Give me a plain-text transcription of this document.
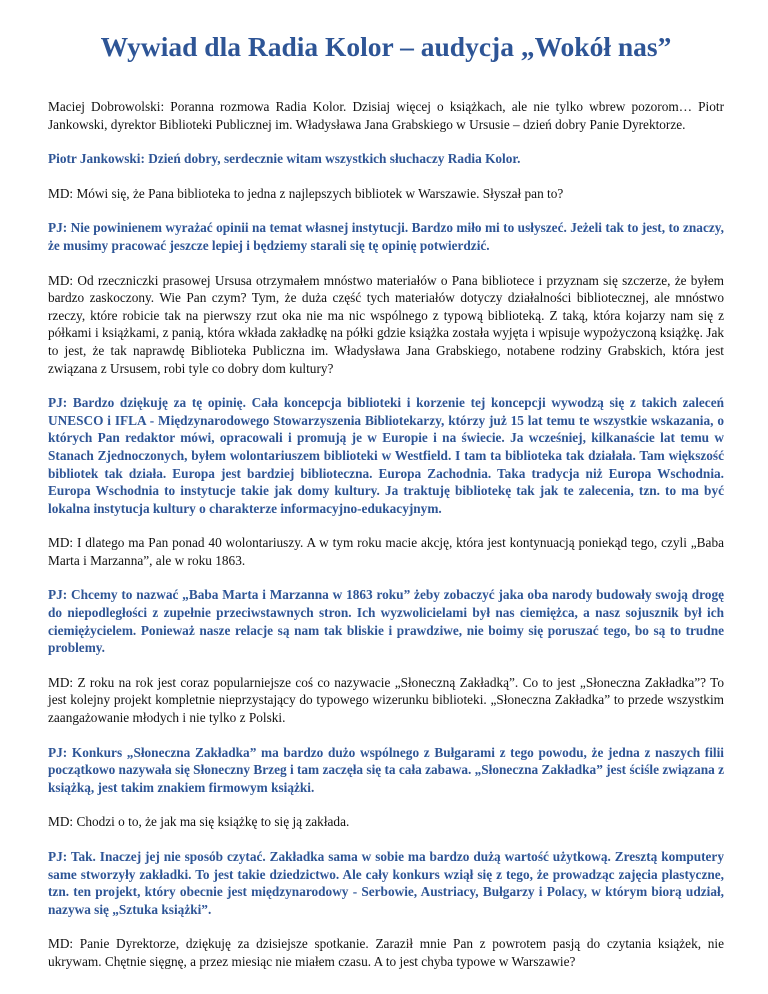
Wywiad dla Radia Kolor – audycja „Wokół nas”

Maciej Dobrowolski: Poranna rozmowa Radia Kolor. Dzisiaj więcej o książkach, ale nie tylko wbrew pozorom… Piotr Jankowski, dyrektor Biblioteki Publicznej im. Władysława Jana Grabskiego w Ursusie – dzień dobry Panie Dyrektorze.

Piotr Jankowski: Dzień dobry, serdecznie witam wszystkich słuchaczy Radia Kolor.

MD: Mówi się, że Pana biblioteka to jedna z najlepszych bibliotek w Warszawie. Słyszał pan to?

PJ: Nie powinienem wyrażać opinii na temat własnej instytucji. Bardzo miło mi to usłyszeć. Jeżeli tak to jest, to znaczy, że musimy pracować jeszcze lepiej i będziemy starali się tę opinię potwierdzić.

MD: Od rzeczniczki prasowej Ursusa otrzymałem mnóstwo materiałów o Pana bibliotece i przyznam się szczerze, że byłem bardzo zaskoczony. Wie Pan czym? Tym, że duża część tych materiałów dotyczy działalności bibliotecznej, ale mnóstwo rzeczy, które robicie tak na pierwszy rzut oka nie ma nic wspólnego z typową biblioteką. Z taką, która kojarzy nam się z półkami i książkami, z panią, która wkłada zakładkę na półki gdzie książka została wyjęta i wpisuje wypożyczoną książkę. Jak to jest, że tak naprawdę Biblioteka Publiczna im. Władysława Jana Grabskiego, notabene rodziny Grabskich, która jest związana z Ursusem, robi tyle co dobry dom kultury?

PJ: Bardzo dziękuję za tę opinię. Cała koncepcja biblioteki i korzenie tej koncepcji wywodzą się z takich zaleceń UNESCO i IFLA - Międzynarodowego Stowarzyszenia Bibliotekarzy, którzy już 15 lat temu te wszystkie wskazania, o których Pan redaktor mówi, opracowali i promują je w Europie i na świecie. Ja wcześniej, kilkanaście lat temu w Stanach Zjednoczonych, byłem wolontariuszem biblioteki w Westfield. I tam ta biblioteka tak działała. Tam większość bibliotek tak działa. Europa jest bardziej biblioteczna. Europa Zachodnia. Taka tradycja niż Europa Wschodnia. Europa Wschodnia to instytucje takie jak domy kultury. Ja traktuję bibliotekę tak jak te zalecenia, tzn. to ma być lokalna instytucja kultury o charakterze informacyjno-edukacyjnym.

MD: I dlatego ma Pan ponad 40 wolontariuszy. A w tym roku macie akcję, która jest kontynuacją poniekąd tego, czyli „Baba Marta i Marzanna”, ale w roku 1863.

PJ: Chcemy to nazwać „Baba Marta i Marzanna w 1863 roku” żeby zobaczyć jaka oba narody budowały swoją drogę do niepodległości z zupełnie przeciwstawnych stron. Ich wyzwolicielami był nas ciemiężca, a nasz sojusznik był ich ciemiężycielem. Ponieważ nasze relacje są nam tak bliskie i prawdziwe, nie boimy się poruszać tego, bo są to trudne problemy.

MD: Z roku na rok jest coraz popularniejsze coś co nazywacie „Słoneczną Zakładką”. Co to jest „Słoneczna Zakładka”? To jest kolejny projekt kompletnie nieprzystający do typowego wizerunku biblioteki. „Słoneczna Zakładka” to przede wszystkim zaangażowanie młodych i nie tylko z Polski.

PJ: Konkurs „Słoneczna Zakładka” ma bardzo dużo wspólnego z Bułgarami z tego powodu, że jedna z naszych filii początkowo nazywała się Słoneczny Brzeg i tam zaczęła się ta cała zabawa. „Słoneczna Zakładka” jest ściśle związana z książką, jest takim znakiem firmowym książki.

MD: Chodzi o to, że jak ma się książkę to się ją zakłada.

PJ: Tak. Inaczej jej nie sposób czytać. Zakładka sama w sobie ma bardzo dużą wartość użytkową. Zresztą komputery same stworzyły zakładki. To jest takie dziedzictwo. Ale cały konkurs wziął się z tego, że prowadząc zajęcia plastyczne, tzn. ten projekt, który obecnie jest międzynarodowy - Serbowie, Austriacy, Bułgarzy i Polacy, w którym biorą udział, nazywa się „Sztuka książki”.

MD: Panie Dyrektorze, dziękuję za dzisiejsze spotkanie. Zaraził mnie Pan z powrotem pasją do czytania książek, nie ukrywam. Chętnie sięgnę, a przez miesiąc nie miałem czasu. A to jest chyba typowe w Warszawie?
